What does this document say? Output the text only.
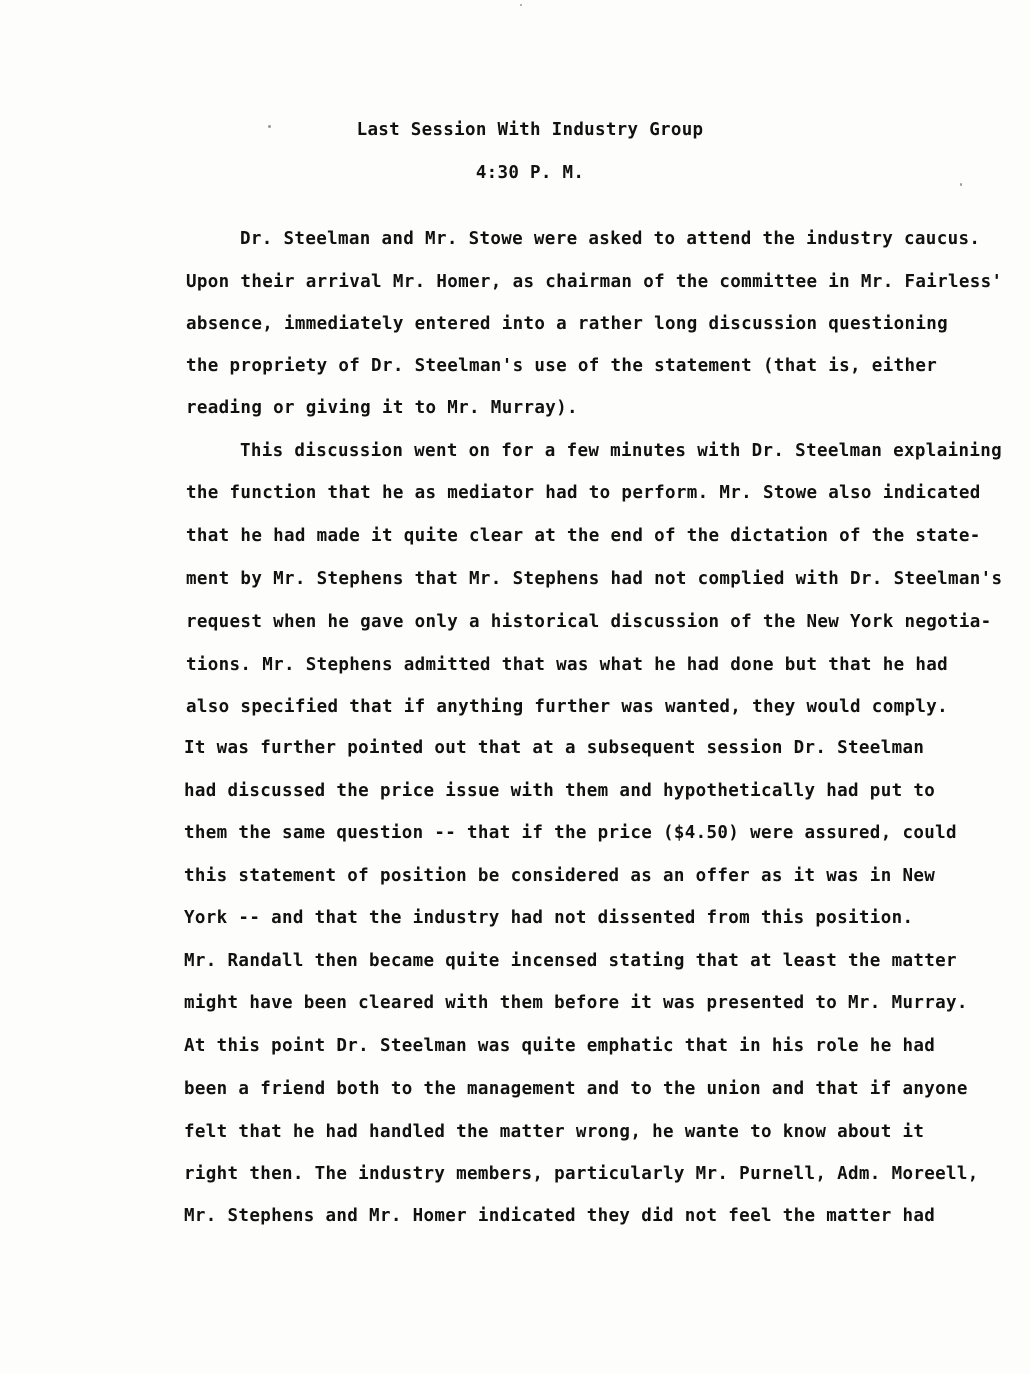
Last Session With Industry Group
4:30 P. M.
Dr. Steelman and Mr. Stowe were asked to attend the industry caucus.
Upon their arrival Mr. Homer, as chairman of the committee in Mr. Fairless'
absence, immediately entered into a rather long discussion questioning
the propriety of Dr. Steelman's use of the statement (that is, either
reading or giving it to Mr. Murray).
This discussion went on for a few minutes with Dr. Steelman explaining
the function that he as mediator had to perform. Mr. Stowe also indicated
that he had made it quite clear at the end of the dictation of the state-
ment by Mr. Stephens that Mr. Stephens had not complied with Dr. Steelman's
request when he gave only a historical discussion of the New York negotia-
tions. Mr. Stephens admitted that was what he had done but that he had
also specified that if anything further was wanted, they would comply.
It was further pointed out that at a subsequent session Dr. Steelman
had discussed the price issue with them and hypothetically had put to
them the same question -- that if the price ($4.50) were assured, could
this statement of position be considered as an offer as it was in New
York -- and that the industry had not dissented from this position.
Mr. Randall then became quite incensed stating that at least the matter
might have been cleared with them before it was presented to Mr. Murray.
At this point Dr. Steelman was quite emphatic that in his role he had
been a friend both to the management and to the union and that if anyone
felt that he had handled the matter wrong, he wante to know about it
right then. The industry members, particularly Mr. Purnell, Adm. Moreell,
Mr. Stephens and Mr. Homer indicated they did not feel the matter had
